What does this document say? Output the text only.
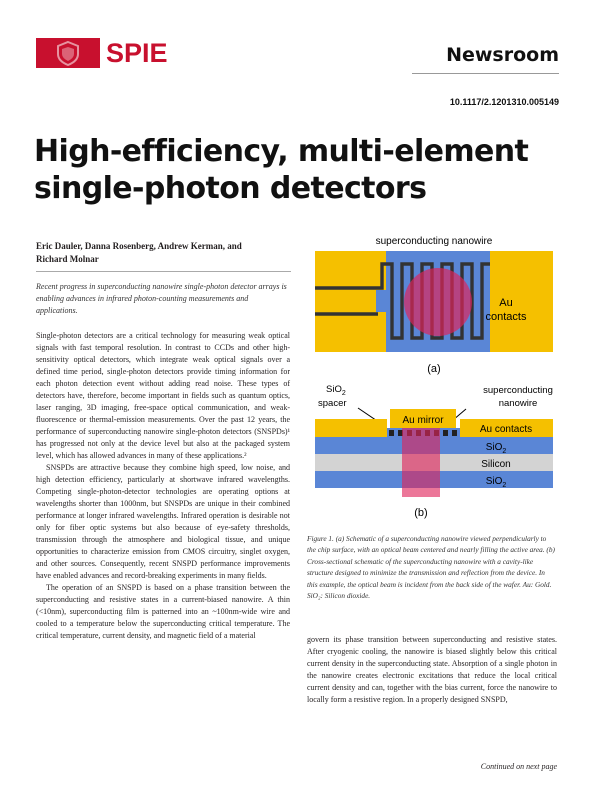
SPIE	Newsroom
10.1117/2.1201310.005149
High-efficiency, multi-element
single-photon detectors
Eric Dauler, Danna Rosenberg, Andrew Kerman, and
Richard Molnar
Recent progress in superconducting nanowire single-photon detector arrays is enabling advances in infrared photon-counting measurements and applications.

Single-photon detectors are a critical technology for measuring weak optical signals with fast temporal resolution. In contrast to CCDs and other high-sensitivity optical detectors, which integrate weak optical signals over a defined time period, single-photon detectors provide timing information for each photon detection event without adding read noise. These types of detectors have, therefore, become important in fields such as quantum optics, laser ranging, 3D imaging, free-space optical communication, and weak-fluorescence or thermal-emission measurements. Over the past 12 years, the performance of superconducting nanowire single-photon detectors (SNSPDs)¹ has progressed not only at the device level but also at the packaged system level, which has allowed advances in many of these applications.²

SNSPDs are attractive because they combine high speed, low noise, and high detection efficiency, particularly at shortwave infrared wavelengths. Competing single-photon-detector technologies are operating options at wavelengths shorter than 1000nm, but SNSPDs are unique in their combined performance at longer infrared wavelengths. Infrared operation is desirable not only for fiber optic systems but also because of eye-safety thresholds, transmission through the atmosphere and biological tissue, and unique opportunities to characterize emission from CMOS circuitry, singlet oxygen, and other sources. Consequently, recent SNSPD performance improvements have enabled advances and record-breaking experiments in many fields.

The operation of an SNSPD is based on a phase transition between the superconducting and resistive states in a current-biased nanowire. A thin (<10nm), superconducting film is patterned into an ~100nm-wide wire and cooled to a temperature below the superconducting critical temperature. The critical temperature, current density, and magnetic field of a material

superconducting nanowire
Au
contacts
(a)
SiO$_2$
spacer
superconducting
nanowire
Au mirror
Au contacts
SiO$_2$
Silicon
SiO$_2$
(b)
Figure 1. (a) Schematic of a superconducting nanowire viewed perpendicularly to the chip surface, with an optical beam centered and nearly filling the active area. (b) Cross-sectional schematic of the superconducting nanowire with a cavity-like structure designed to minimize the transmission and reflection from the device. In this example, the optical beam is incident from the back side of the wafer. Au: Gold. SiO₂: Silicon dioxide.

govern its phase transition between superconducting and resistive states. After cryogenic cooling, the nanowire is biased slightly below this critical current density in the superconducting state. Absorption of a single photon in the nanowire creates electronic excitations that reduce the local critical current density and can, together with the bias current, force the nanowire to locally form a resistive region. In a properly designed SNSPD,

Continued on next page
